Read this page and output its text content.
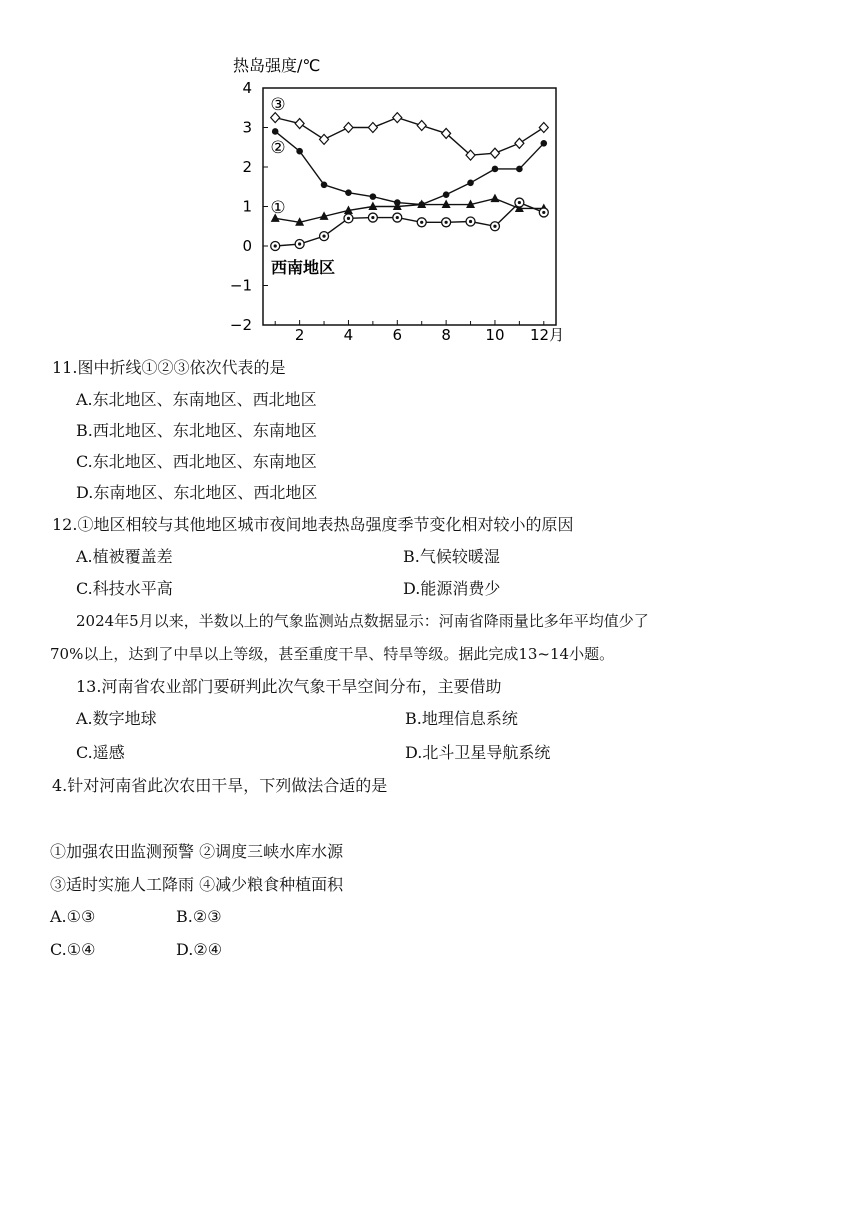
热岛强度/℃
12月
西南地区
4
3
2
1
0
−1
−2
2	4	6	8 10
③
②
①
11.图中折线①②③依次代表的是
A.东北地区、东南地区、西北地区
B.西北地区、东北地区、东南地区
C.东北地区、西北地区、东南地区
D.东南地区、东北地区、西北地区
12.①地区相较与其他地区城市夜间地表热岛强度季节变化相对较小的原因
A.植被覆盖差	B.气候较暖湿
C.科技水平高	D.能源消费少
2024年5月以来，半数以上的气象监测站点数据显示：河南省降雨量比多年平均值少了
70%以上，达到了中旱以上等级，甚至重度干旱、特旱等级。据此完成13~14小题。
13.河南省农业部门要研判此次气象干旱空间分布，主要借助
A.数字地球	B.地理信息系统
C.遥感	D.北斗卫星导航系统
4.针对河南省此次农田干旱，下列做法合适的是
①加强农田监测预警 ②调度三峡水库水源
③适时实施人工降雨 ④减少粮食种植面积
A.①③	B.②③
C.①④	D.②④
